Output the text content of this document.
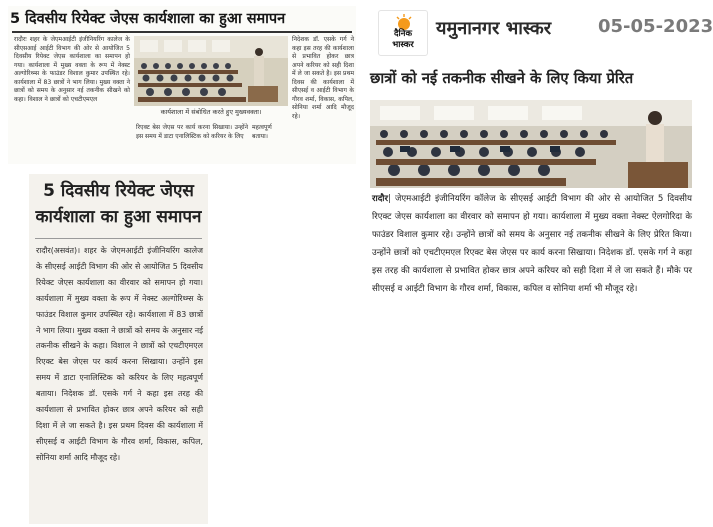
5 दिवसीय रियेक्ट जेएस कार्यशाला का हुआ समापन
रादौरः शहर के जेएमआईटी इंजीनियरिंग कालेज के सीएसआई आईटी विभाग की ओर से आयोजित 5 दिवसीय रियेक्ट जेएस कार्यशाला का समापन हो गया। कार्यशाला में मुख्य वक्ता के रूप में नेक्स्ट अल्गोरिथ्म्स के फाउंडर विशाल कुमार उपस्थित रहे। कार्यशाला में 83 छात्रों ने भाग लिया। मुख्य वक्ता ने छात्रों को समय के अनुसार नई तकनीक सीखने को कहा। विशाल ने छात्रों को एचटीएमएल
कार्यशाला में संबोधित करते हुए मुख्यवक्ता।
रिएक्ट बेस जेएस पर कार्य करना सिखाया। उन्होंने इस समय में डाटा एनालिस्टिक को करियर के लिए
महत्वपूर्ण बताया।
निदेशक डॉ. एसके गर्ग ने कहा इस तरह की कार्यशाला से प्रभावित होकर छात्र अपने करियर को सही दिशा में ले जा सकते है। इस प्रथम दिवस की कार्यशाला में सीएसई व आईटी विभाग के गौरव शर्मा, विकास, कपिल, सोनिया शर्मा आदि मौजूद रहे।
5 दिवसीय रियेक्ट जेएस कार्यशाला का हुआ समापन
रादौर(असवंत)। शहर के जेएमआईटी इंजीनियरिंग कालेज के सीएसई आईटी विभाग की ओर से आयोजित 5 दिवसीय रियेक्ट जेएस कार्यशाला का वीरवार को समापन हो गया। कार्यशाला में मुख्य वक्ता के रूप में नेक्स्ट अल्गोरिथ्म्स के फाउंडर विशाल कुमार उपस्थित रहे। कार्यशाला में 83 छात्रों ने भाग लिया। मुख्य वक्ता ने छात्रों को समय के अनुसार नई तकनीक सीखने के कहा। विशाल ने छात्रों को एचटीएमएल रिएक्ट बेस जेएस पर कार्य करना सिखाया। उन्होंने इस समय में डाटा एनालिस्टिक को करियर के लिए महत्वपूर्ण बताया। निदेशक डॉ. एसके गर्ग ने कहा इस तरह की कार्यशाला से प्रभावित होकर छात्र अपने करियर को सही दिशा में ले जा सकते है। इस प्रथम दिवस की कार्यशाला में सीएसई व आईटी विभाग के गौरव शर्मा, विकास, कपिल, सोनिया शर्मा आदि मौजूद रहे।
दैनिक
भास्कर
यमुनानगर भास्कर	05-05-2023
छात्रों को नई तकनीक सीखने के लिए किया प्रेरित
रादौर| जेएमआईटी इंजीनियरिंग कॉलेज के सीएसई आईटी विभाग की ओर से आयोजित 5 दिवसीय रिएक्ट जेएस कार्यशाला का वीरवार को समापन हो गया। कार्यशाला में मुख्य वक्ता नेक्स्ट ऐलगोरिदा के फाउंडर विशाल कुमार रहे। उन्होंने छात्रों को समय के अनुसार नई तकनीक सीखने के लिए प्रेरित किया। उन्होंने छात्रों को एचटीएमएल रिएक्ट बेस जेएस पर कार्य करना सिखाया। निदेशक डॉ. एसके गर्ग ने कहा इस तरह की कार्यशाला से प्रभावित होकर छात्र अपने करियर को सही दिशा में ले जा सकते हैं। मौके पर सीएसई व आईटी विभाग के गौरव शर्मा, विकास, कपिल व सोनिया शर्मा भी मौजूद रहे।
